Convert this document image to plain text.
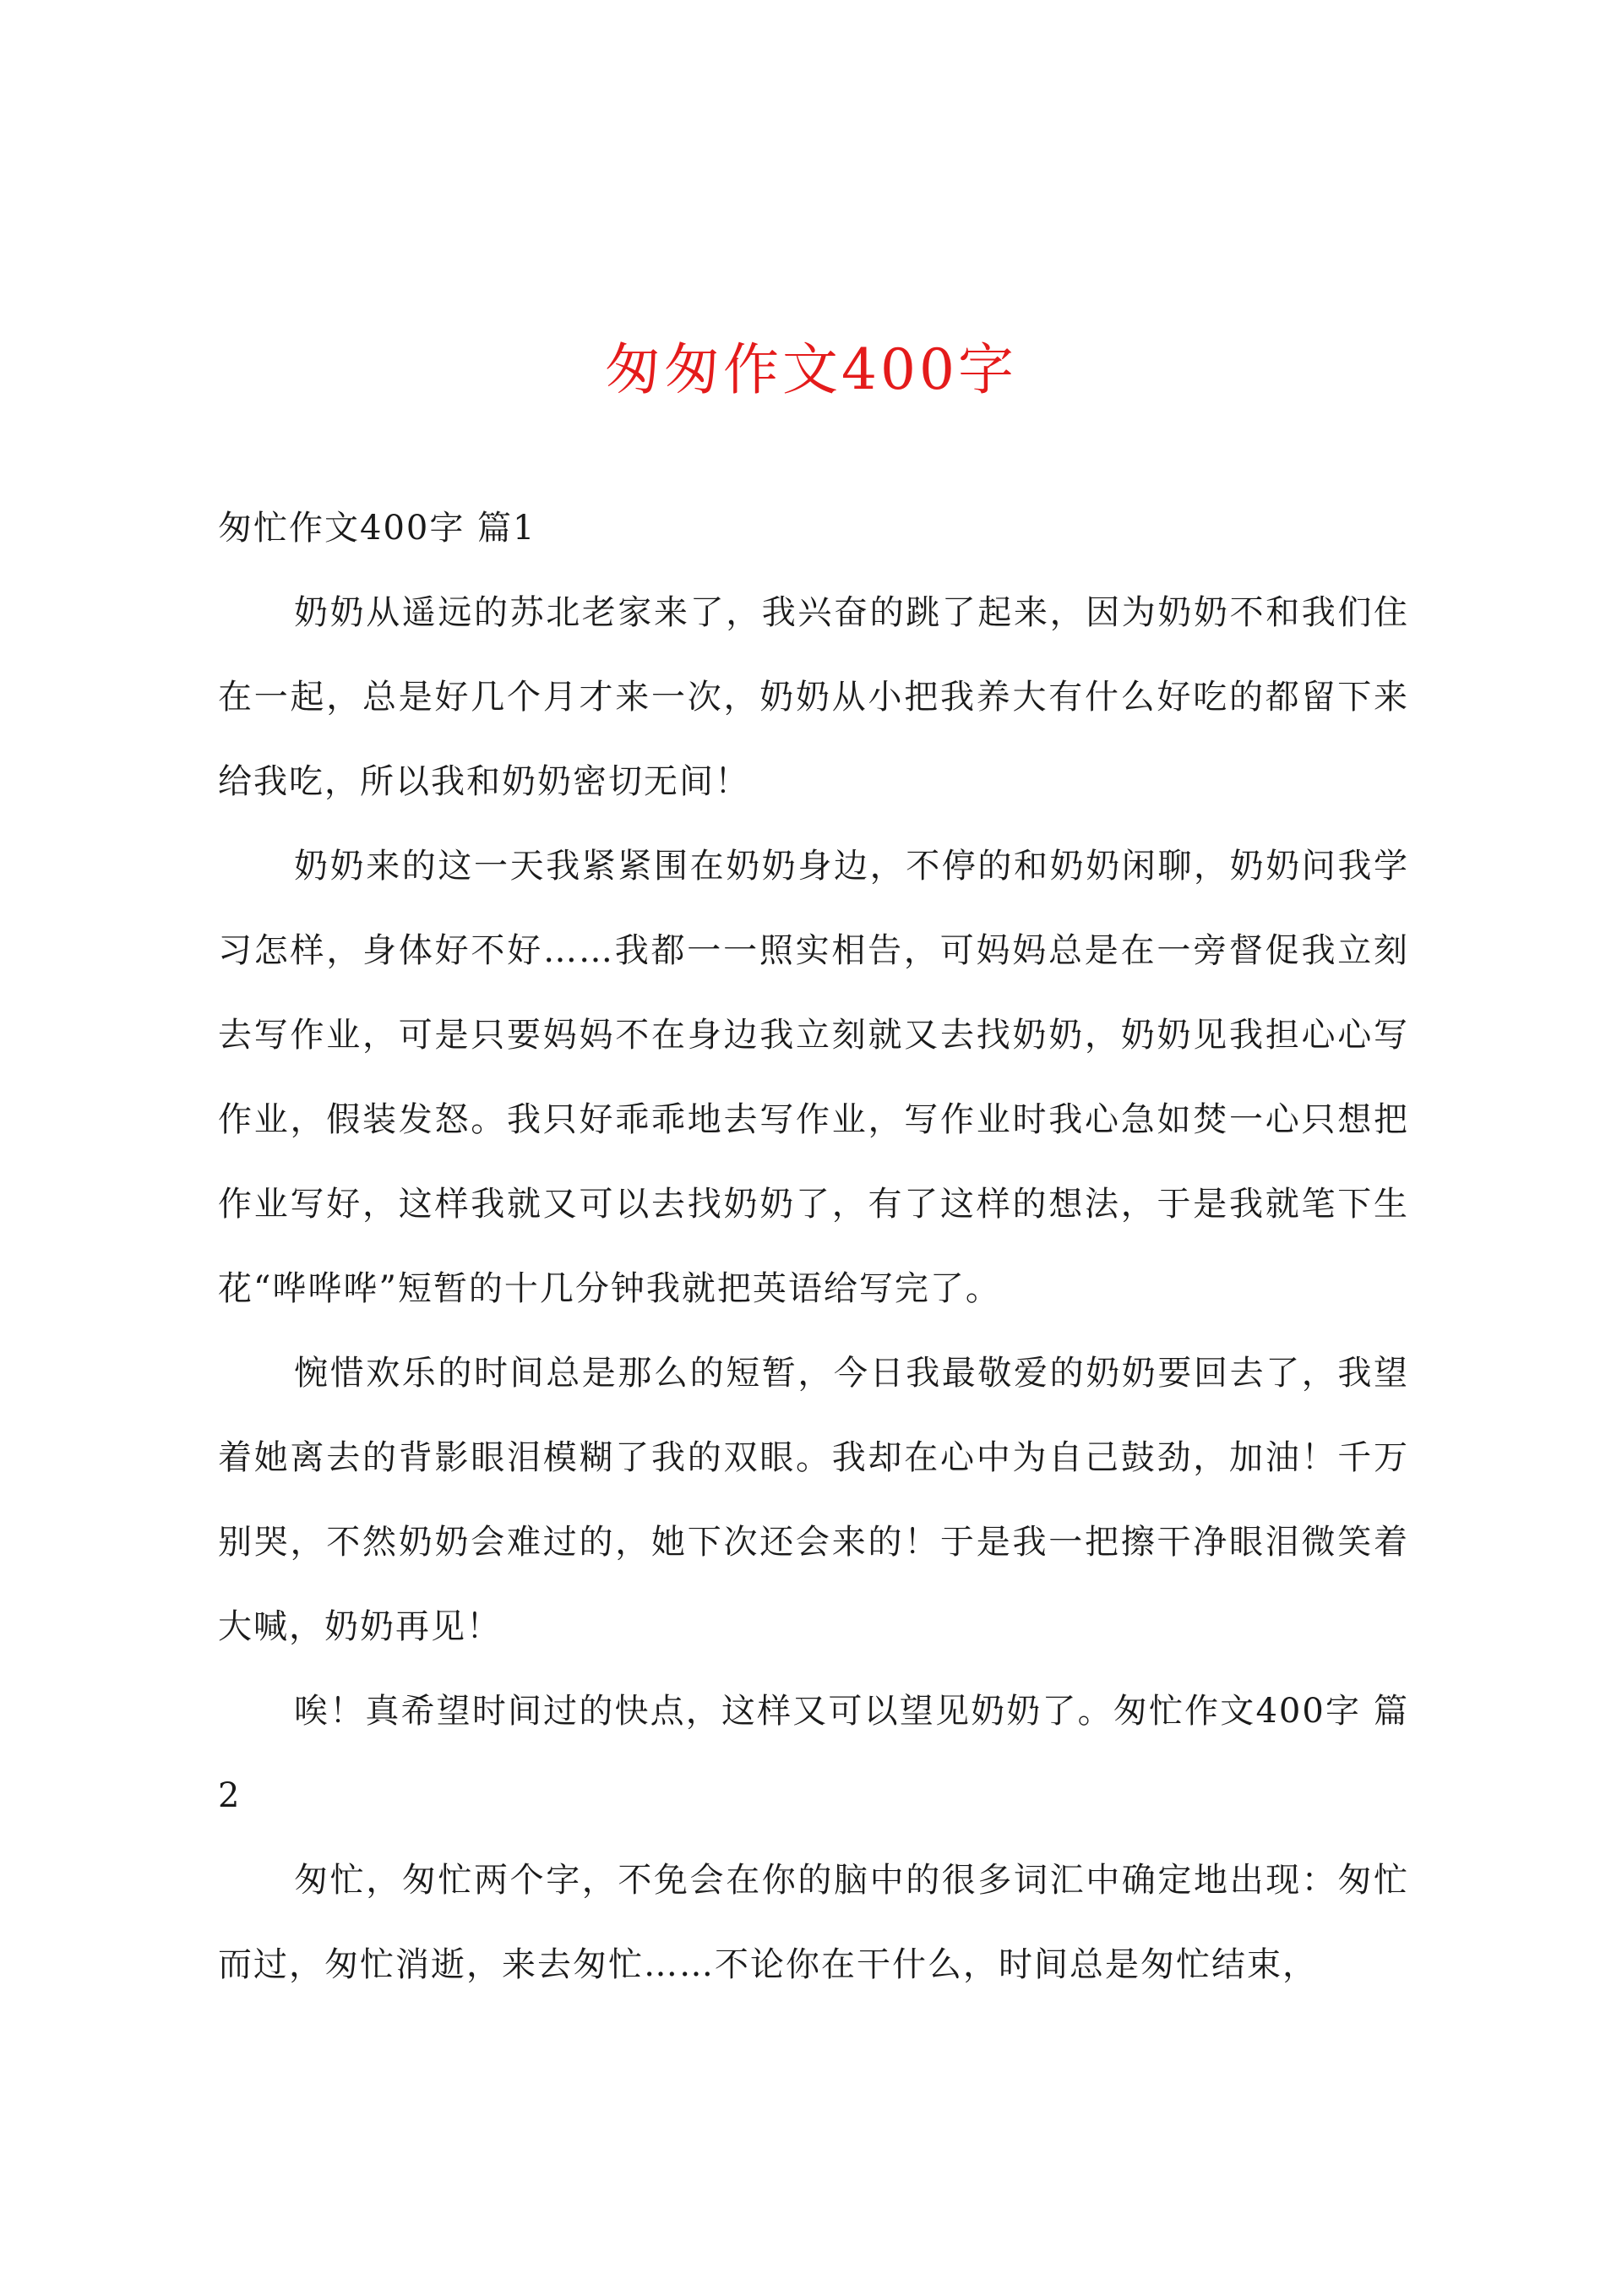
匆匆作文400字

匆忙作文400字 篇1

奶奶从遥远的苏北老家来了，我兴奋的跳了起来，因为奶奶不和我们住在一起，总是好几个月才来一次，奶奶从小把我养大有什么好吃的都留下来给我吃，所以我和奶奶密切无间！

奶奶来的这一天我紧紧围在奶奶身边，不停的和奶奶闲聊，奶奶问我学习怎样，身体好不好……我都一一照实相告，可妈妈总是在一旁督促我立刻去写作业，可是只要妈妈不在身边我立刻就又去找奶奶，奶奶见我担心心写作业，假装发怒。我只好乖乖地去写作业，写作业时我心急如焚一心只想把作业写好，这样我就又可以去找奶奶了，有了这样的想法，于是我就笔下生花“哗哗哗”短暂的十几分钟我就把英语给写完了。

惋惜欢乐的时间总是那么的短暂，今日我最敬爱的奶奶要回去了，我望着她离去的背影眼泪模糊了我的双眼。我却在心中为自己鼓劲，加油！千万别哭，不然奶奶会难过的，她下次还会来的！于是我一把擦干净眼泪微笑着大喊，奶奶再见！

唉！真希望时间过的快点，这样又可以望见奶奶了。匆忙作文400字 篇2

匆忙，匆忙两个字，不免会在你的脑中的很多词汇中确定地出现：匆忙而过，匆忙消逝，来去匆忙……不论你在干什么，时间总是匆忙结束，
